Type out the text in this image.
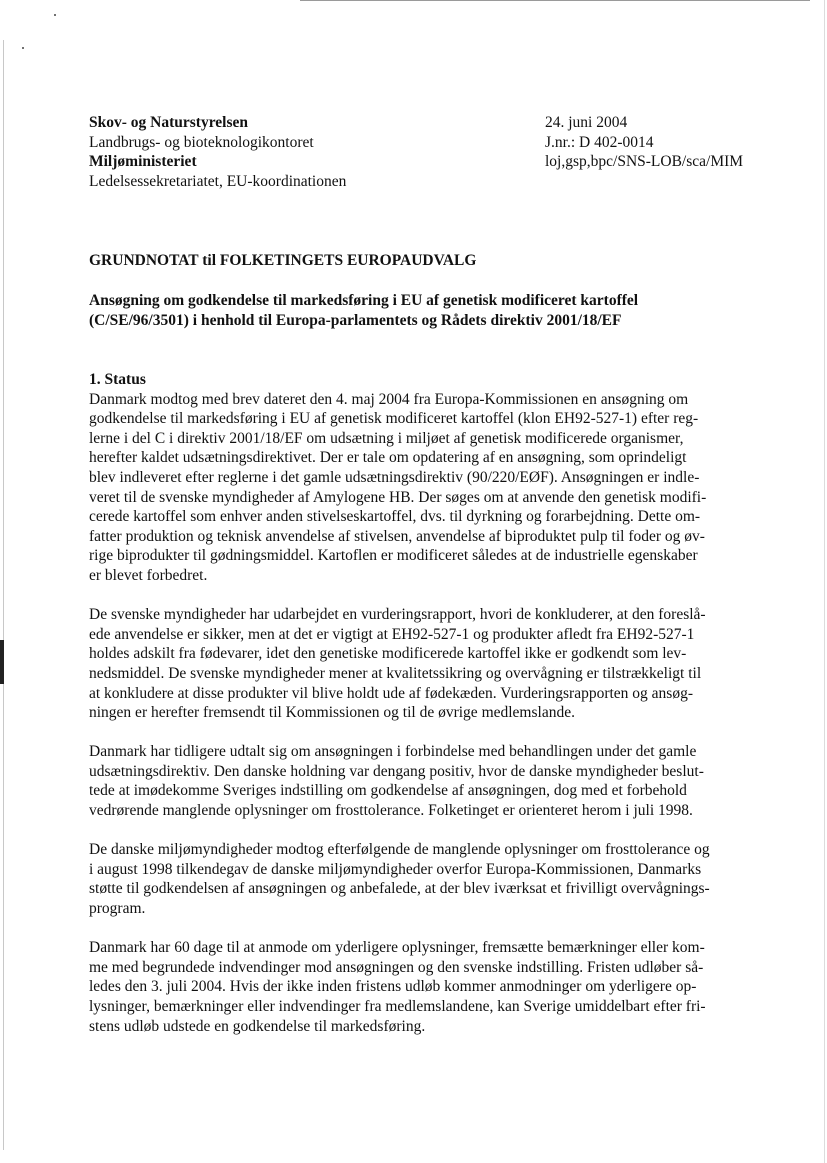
Skov- og Naturstyrelsen
Landbrugs- og bioteknologikontoret
Miljøministeriet
Ledelsessekretariatet, EU-koordinationen
24. juni 2004
J.nr.: D 402-0014
loj,gsp,bpc/SNS-LOB/sca/MIM
GRUNDNOTAT til FOLKETINGETS EUROPAUDVALG
Ansøgning om godkendelse til markedsføring i EU af genetisk modificeret kartoffel
(C/SE/96/3501) i henhold til Europa-parlamentets og Rådets direktiv 2001/18/EF
1. Status

Danmark modtog med brev dateret den 4. maj 2004 fra Europa-Kommissionen en ansøgning om
godkendelse til markedsføring i EU af genetisk modificeret kartoffel (klon EH92-527-1) efter reg-
lerne i del C i direktiv 2001/18/EF om udsætning i miljøet af genetisk modificerede organismer,
herefter kaldet udsætningsdirektivet. Der er tale om opdatering af en ansøgning, som oprindeligt
blev indleveret efter reglerne i det gamle udsætningsdirektiv (90/220/EØF). Ansøgningen er indle-
veret til de svenske myndigheder af Amylogene HB. Der søges om at anvende den genetisk modifi-
cerede kartoffel som enhver anden stivelseskartoffel, dvs. til dyrkning og forarbejdning. Dette om-
fatter produktion og teknisk anvendelse af stivelsen, anvendelse af biproduktet pulp til foder og øv-
rige biprodukter til gødningsmiddel. Kartoflen er modificeret således at de industrielle egenskaber
er blevet forbedret.

De svenske myndigheder har udarbejdet en vurderingsrapport, hvori de konkluderer, at den foreslå-
ede anvendelse er sikker, men at det er vigtigt at EH92-527-1 og produkter afledt fra EH92-527-1
holdes adskilt fra fødevarer, idet den genetiske modificerede kartoffel ikke er godkendt som lev-
nedsmiddel. De svenske myndigheder mener at kvalitetssikring og overvågning er tilstrækkeligt til
at konkludere at disse produkter vil blive holdt ude af fødekæden. Vurderingsrapporten og ansøg-
ningen er herefter fremsendt til Kommissionen og til de øvrige medlemslande.

Danmark har tidligere udtalt sig om ansøgningen i forbindelse med behandlingen under det gamle
udsætningsdirektiv. Den danske holdning var dengang positiv, hvor de danske myndigheder beslut-
tede at imødekomme Sveriges indstilling om godkendelse af ansøgningen, dog med et forbehold
vedrørende manglende oplysninger om frosttolerance. Folketinget er orienteret herom i juli 1998.

De danske miljømyndigheder modtog efterfølgende de manglende oplysninger om frosttolerance og
i august 1998 tilkendegav de danske miljømyndigheder overfor Europa-Kommissionen, Danmarks
støtte til godkendelsen af ansøgningen og anbefalede, at der blev iværksat et frivilligt overvågnings-
program.

Danmark har 60 dage til at anmode om yderligere oplysninger, fremsætte bemærkninger eller kom-
me med begrundede indvendinger mod ansøgningen og den svenske indstilling. Fristen udløber så-
ledes den 3. juli 2004. Hvis der ikke inden fristens udløb kommer anmodninger om yderligere op-
lysninger, bemærkninger eller indvendinger fra medlemslandene, kan Sverige umiddelbart efter fri-
stens udløb udstede en godkendelse til markedsføring.
